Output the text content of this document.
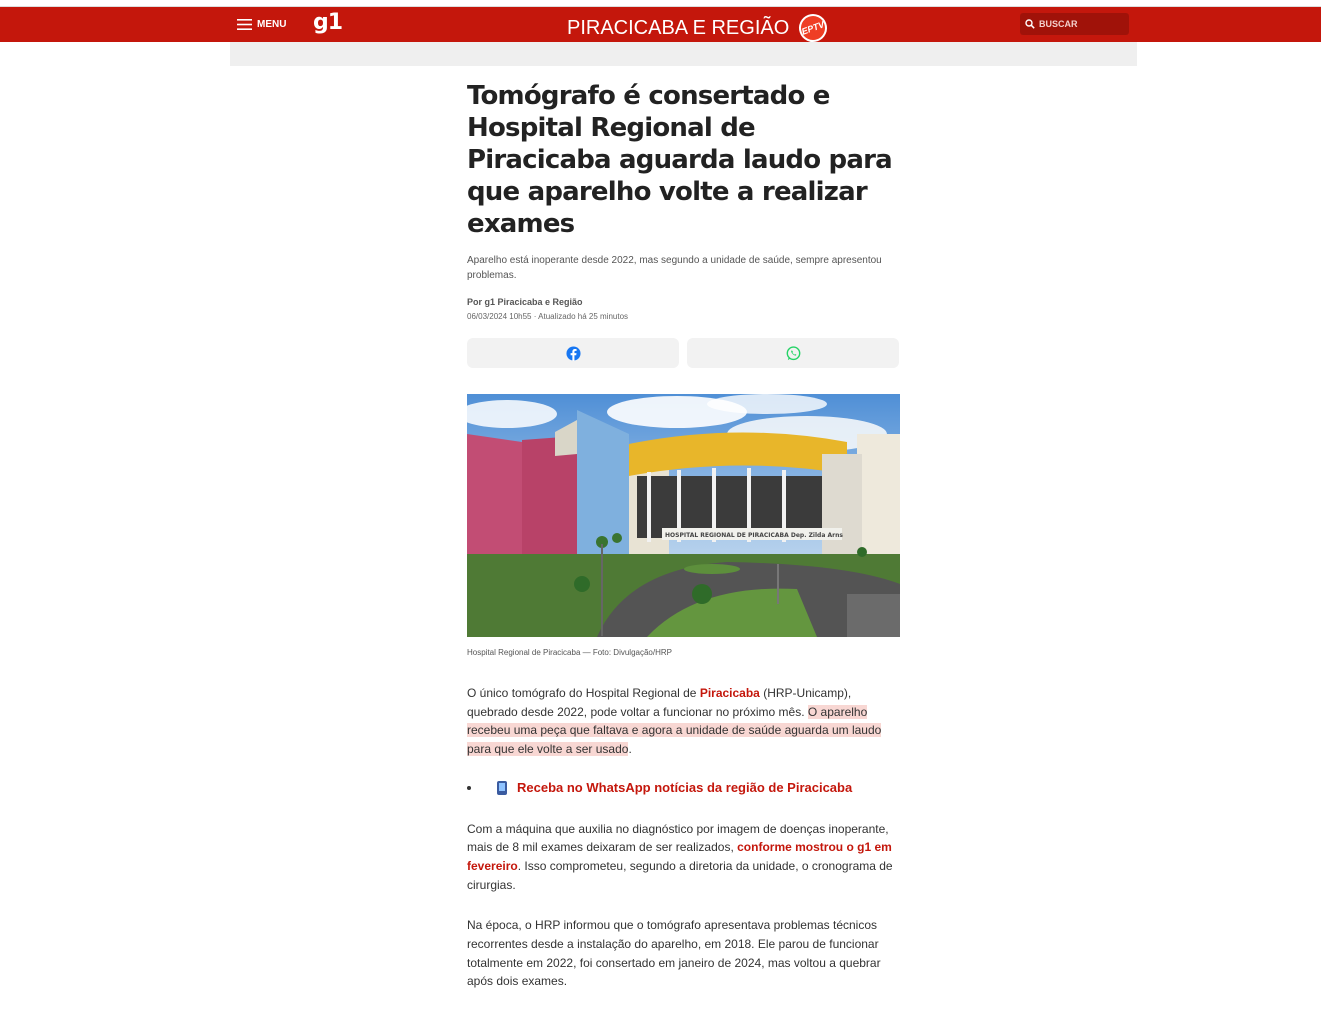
MENU g1	PIRACICABA E REGIÃO	EPTV
BUSCAR
Tomógrafo é consertado e Hospital Regional de Piracicaba aguarda laudo para que aparelho volte a realizar exames

Aparelho está inoperante desde 2022, mas segundo a unidade de saúde, sempre apresentou problemas.

Por g1 Piracicaba e Região
06/03/2024 10h55 · Atualizado há 25 minutos
HOSPITAL REGIONAL DE PIRACICABA Dep. Zilda Arns
Hospital Regional de Piracicaba — Foto: Divulgação/HRP

O único tomógrafo do Hospital Regional de Piracicaba (HRP-Unicamp), quebrado desde 2022, pode voltar a funcionar no próximo mês. O aparelho recebeu uma peça que faltava e agora a unidade de saúde aguarda um laudo para que ele volte a ser usado.

Receba no WhatsApp notícias da região de Piracicaba

Com a máquina que auxilia no diagnóstico por imagem de doenças inoperante, mais de 8 mil exames deixaram de ser realizados, conforme mostrou o g1 em fevereiro. Isso comprometeu, segundo a diretoria da unidade, o cronograma de cirurgias.

Na época, o HRP informou que o tomógrafo apresentava problemas técnicos recorrentes desde a instalação do aparelho, em 2018. Ele parou de funcionar totalmente em 2022, foi consertado em janeiro de 2024, mas voltou a quebrar após dois exames.
